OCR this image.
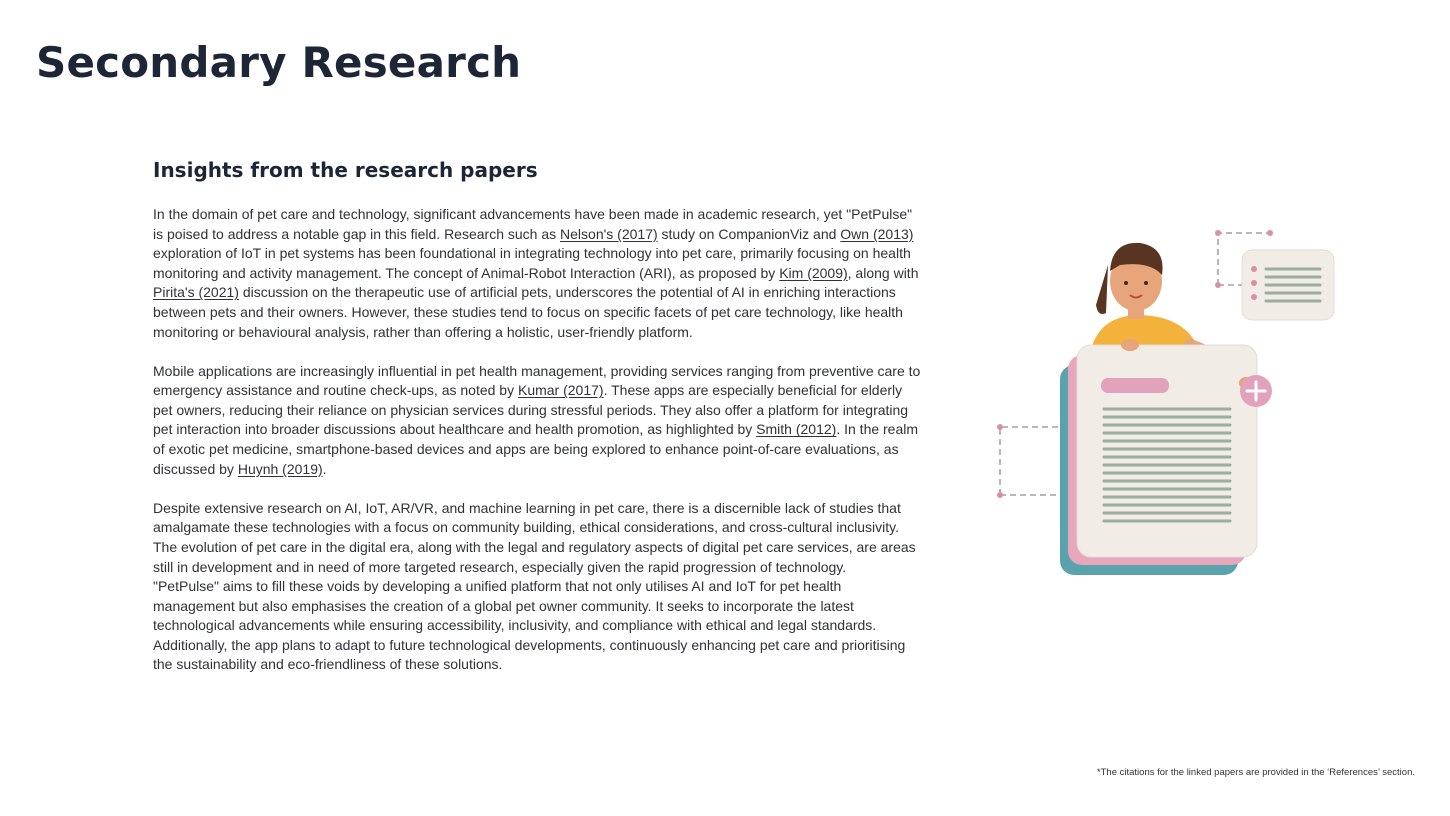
Secondary Research
Insights from the research papers

In the domain of pet care and technology, significant advancements have been made in academic research, yet "PetPulse" is poised to address a notable gap in this field. Research such as Nelson's (2017) study on CompanionViz and Own (2013) exploration of IoT in pet systems has been foundational in integrating technology into pet care, primarily focusing on health monitoring and activity management. The concept of Animal-Robot Interaction (ARI), as proposed by Kim (2009), along with Pirita's (2021) discussion on the therapeutic use of artificial pets, underscores the potential of AI in enriching interactions between pets and their owners. However, these studies tend to focus on specific facets of pet care technology, like health monitoring or behavioural analysis, rather than offering a holistic, user-friendly platform.

Mobile applications are increasingly influential in pet health management, providing services ranging from preventive care to emergency assistance and routine check-ups, as noted by Kumar (2017). These apps are especially beneficial for elderly pet owners, reducing their reliance on physician services during stressful periods. They also offer a platform for integrating pet interaction into broader discussions about healthcare and health promotion, as highlighted by Smith (2012). In the realm of exotic pet medicine, smartphone-based devices and apps are being explored to enhance point-of-care evaluations, as discussed by Huynh (2019).

Despite extensive research on AI, IoT, AR/VR, and machine learning in pet care, there is a discernible lack of studies that amalgamate these technologies with a focus on community building, ethical considerations, and cross-cultural inclusivity. The evolution of pet care in the digital era, along with the legal and regulatory aspects of digital pet care services, are areas still in development and in need of more targeted research, especially given the rapid progression of technology.
"PetPulse" aims to fill these voids by developing a unified platform that not only utilises AI and IoT for pet health management but also emphasises the creation of a global pet owner community. It seeks to incorporate the latest technological advancements while ensuring accessibility, inclusivity, and compliance with ethical and legal standards. Additionally, the app plans to adapt to future technological developments, continuously enhancing pet care and prioritising the sustainability and eco-friendliness of these solutions.

*The citations for the linked papers are provided in the ‘References’ section.
